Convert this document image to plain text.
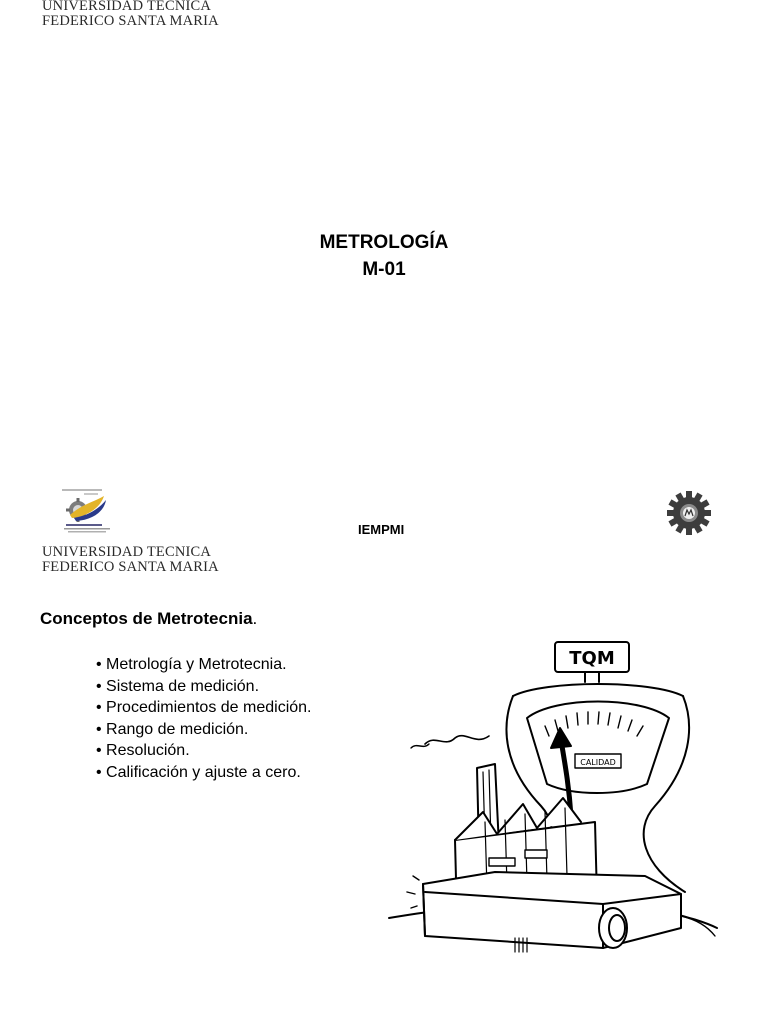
UNIVERSIDAD TECNICA
FEDERICO SANTA MARIA
METROLOGÍA
M-01
IEMPMI
UNIVERSIDAD TECNICA
FEDERICO SANTA MARIA
Conceptos de Metrotecnia.
• Metrología y Metrotecnia.
• Sistema de medición.
• Procedimientos de medición.
• Rango de medición.
• Resolución.
• Calificación y ajuste a cero.
TQM
CALIDAD
